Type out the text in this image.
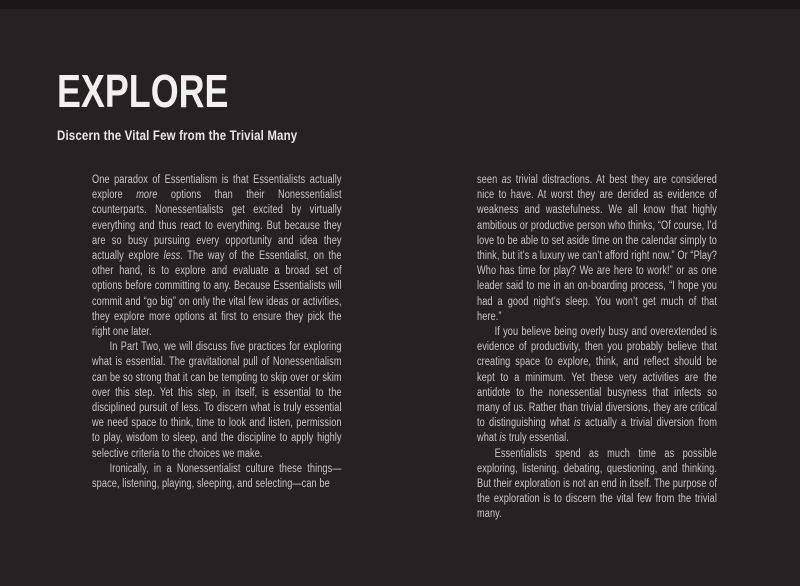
EXPLORE
Discern the Vital Few from the Trivial Many

One paradox of Essentialism is that Essentialists actually explore more options than their Nonessentialist counterparts. Nonessentialists get excited by virtually everything and thus react to everything. But because they are so busy pursuing every opportunity and idea they actually explore less. The way of the Essentialist, on the other hand, is to explore and evaluate a broad set of options before committing to any. Because Essentialists will commit and “go big” on only the vital few ideas or activities, they explore more options at first to ensure they pick the right one later.

In Part Two, we will discuss five practices for exploring what is essential. The gravitational pull of Nonessentialism can be so strong that it can be tempting to skip over or skim over this step. Yet this step, in itself, is essential to the disciplined pursuit of less. To discern what is truly essential we need space to think, time to look and listen, permission to play, wisdom to sleep, and the discipline to apply highly selective criteria to the choices we make.

Ironically, in a Nonessentialist culture these things—space, listening, playing, sleeping, and selecting—can be

seen as trivial distractions. At best they are considered nice to have. At worst they are derided as evidence of weakness and wastefulness. We all know that highly ambitious or productive person who thinks, “Of course, I’d love to be able to set aside time on the calendar simply to think, but it’s a luxury we can’t afford right now.” Or “Play? Who has time for play? We are here to work!” or as one leader said to me in an on-boarding process, “I hope you had a good night’s sleep. You won’t get much of that here.”

If you believe being overly busy and overextended is evidence of productivity, then you probably believe that creating space to explore, think, and reflect should be kept to a minimum. Yet these very activities are the antidote to the nonessential busyness that infects so many of us. Rather than trivial diversions, they are critical to distinguishing what is actually a trivial diversion from what is truly essential.

Essentialists spend as much time as possible exploring, listening, debating, questioning, and thinking. But their exploration is not an end in itself. The purpose of the exploration is to discern the vital few from the trivial many.
